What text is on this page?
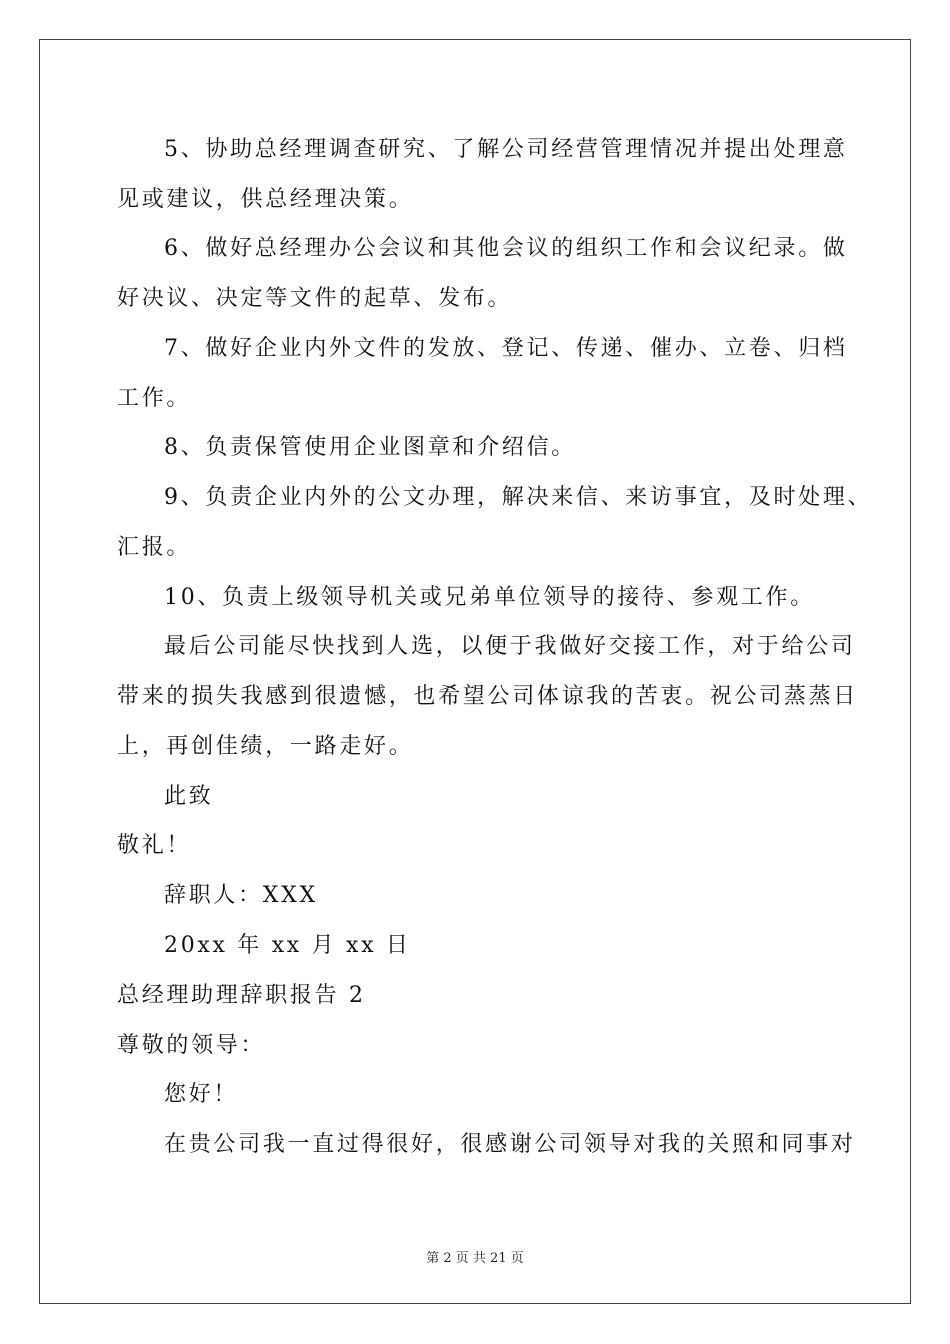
5、协助总经理调查研究、了解公司经营管理情况并提出处理意
见或建议，供总经理决策。
6、做好总经理办公会议和其他会议的组织工作和会议纪录。做
好决议、决定等文件的起草、发布。
7、做好企业内外文件的发放、登记、传递、催办、立卷、归档
工作。
8、负责保管使用企业图章和介绍信。
9、负责企业内外的公文办理，解决来信、来访事宜，及时处理、
汇报。
10、负责上级领导机关或兄弟单位领导的接待、参观工作。
最后公司能尽快找到人选，以便于我做好交接工作，对于给公司
带来的损失我感到很遗憾，也希望公司体谅我的苦衷。祝公司蒸蒸日
上，再创佳绩，一路走好。
此致
敬礼！
辞职人：XXX
20xx 年 xx 月 xx 日
总经理助理辞职报告 2
尊敬的领导：
您好！
在贵公司我一直过得很好，很感谢公司领导对我的关照和同事对
第 2 页 共 21 页
